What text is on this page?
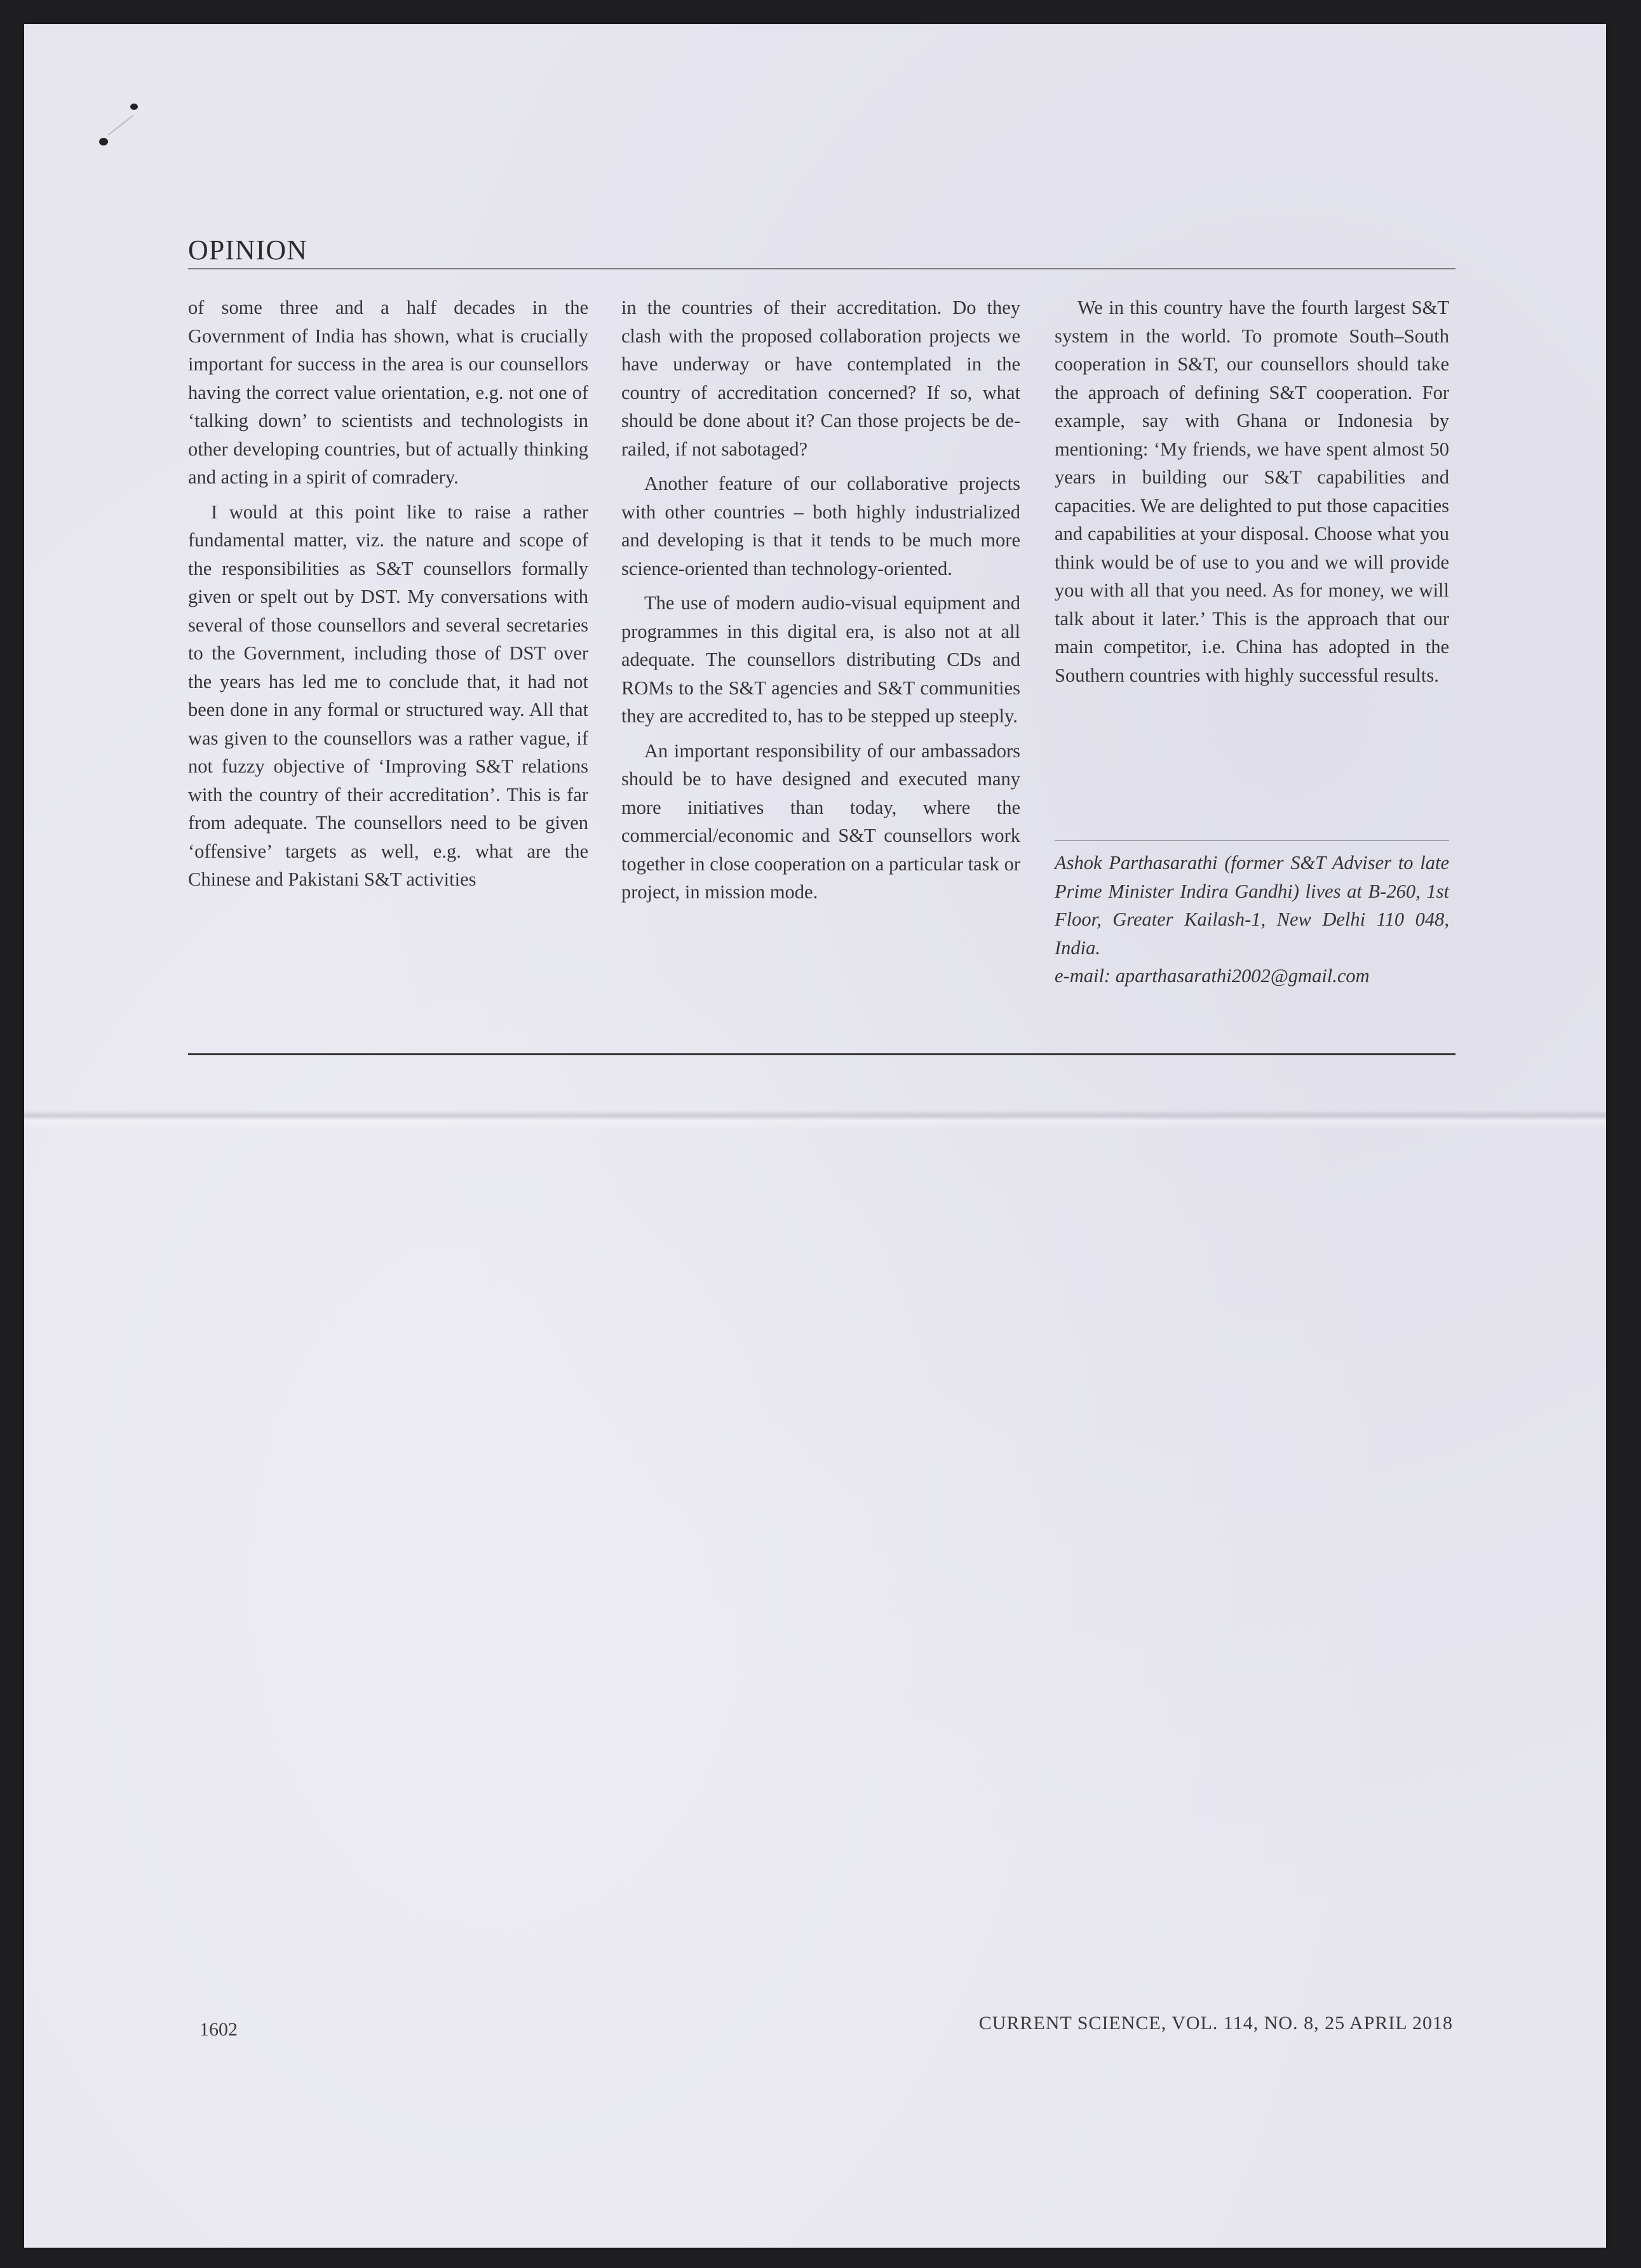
OPINION

of some three and a half decades in the Government of India has shown, what is crucially important for success in the area is our counsellors having the correct value orientation, e.g. not one of ‘talking down’ to scientists and technologists in other developing countries, but of actually thinking and acting in a spirit of comradery.

I would at this point like to raise a rather fundamental matter, viz. the nature and scope of the responsibilities as S&T counsellors formally given or spelt out by DST. My conversations with several of those counsellors and several secretaries to the Government, including those of DST over the years has led me to conclude that, it had not been done in any formal or structured way. All that was given to the counsellors was a rather vague, if not fuzzy objective of ‘Improving S&T relations with the country of their accreditation’. This is far from adequate. The counsellors need to be given ‘offensive’ targets as well, e.g. what are the Chinese and Pakistani S&T activities

in the countries of their accreditation. Do they clash with the proposed collaboration projects we have underway or have contemplated in the country of accreditation concerned? If so, what should be done about it? Can those projects be derailed, if not sabotaged?

Another feature of our collaborative projects with other countries – both highly industrialized and developing is that it tends to be much more science-oriented than technology-oriented.

The use of modern audio-visual equipment and programmes in this digital era, is also not at all adequate. The counsellors distributing CDs and ROMs to the S&T agencies and S&T communities they are accredited to, has to be stepped up steeply.

An important responsibility of our ambassadors should be to have designed and executed many more initiatives than today, where the commercial/economic and S&T counsellors work together in close cooperation on a particular task or project, in mission mode.

We in this country have the fourth largest S&T system in the world. To promote South–South cooperation in S&T, our counsellors should take the approach of defining S&T cooperation. For example, say with Ghana or Indonesia by mentioning: ‘My friends, we have spent almost 50 years in building our S&T capabilities and capacities. We are delighted to put those capacities and capabilities at your disposal. Choose what you think would be of use to you and we will provide you with all that you need. As for money, we will talk about it later.’ This is the approach that our main competitor, i.e. China has adopted in the Southern countries with highly successful results.

Ashok Parthasarathi (former S&T Adviser to late Prime Minister Indira Gandhi) lives at B-260, 1st Floor, Greater Kailash-1, New Delhi 110 048, India.
e-mail: aparthasarathi2002@gmail.com
1602	CURRENT SCIENCE, VOL. 114, NO. 8, 25 APRIL 2018
